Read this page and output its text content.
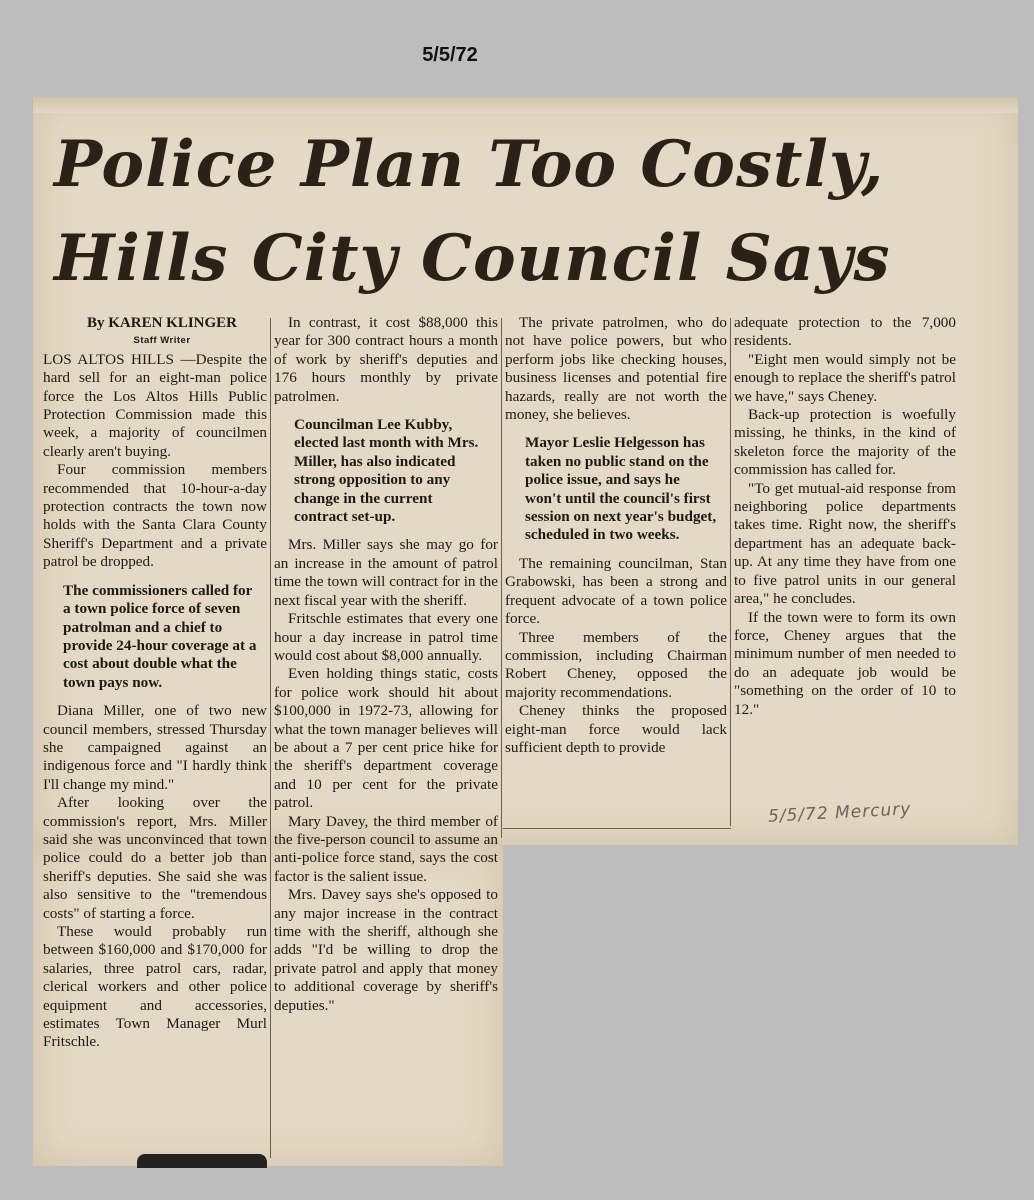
5/5/72
Police Plan Too Costly,
Hills City Council Says

By KAREN KLINGER

Staff Writer

LOS ALTOS HILLS —Despite the hard sell for an eight-man police force the Los Altos Hills Public Protection Commission made this week, a majority of councilmen clearly aren't buying.

Four commission members recommended that 10-hour-a-day protection contracts the town now holds with the Santa Clara County Sheriff's Department and a private patrol be dropped.

The commissioners called for a town police force of seven patrolman and a chief to provide 24-hour coverage at a cost about double what the town pays now.

Diana Miller, one of two new council members, stressed Thursday she campaigned against an indigenous force and "I hardly think I'll change my mind."

After looking over the commission's report, Mrs. Miller said she was unconvinced that town police could do a better job than sheriff's deputies. She said she was also sensitive to the "tremendous costs" of starting a force.

These would probably run between $160,000 and $170,000 for salaries, three patrol cars, radar, clerical workers and other police equipment and accessories, estimates Town Manager Murl Fritschle.

In contrast, it cost $88,000 this year for 300 contract hours a month of work by sheriff's deputies and 176 hours monthly by private patrolmen.

Councilman Lee Kubby, elected last month with Mrs. Miller, has also indicated strong opposition to any change in the current contract set-up.

Mrs. Miller says she may go for an increase in the amount of patrol time the town will contract for in the next fiscal year with the sheriff.

Fritschle estimates that every one hour a day increase in patrol time would cost about $8,000 annually.

Even holding things static, costs for police work should hit about $100,000 in 1972-73, allowing for what the town manager believes will be about a 7 per cent price hike for the sheriff's department coverage and 10 per cent for the private patrol.

Mary Davey, the third member of the five-person council to assume an anti-police force stand, says the cost factor is the salient issue.

Mrs. Davey says she's opposed to any major increase in the contract time with the sheriff, although she adds "I'd be willing to drop the private patrol and apply that money to additional coverage by sheriff's deputies."

The private patrolmen, who do not have police powers, but who perform jobs like checking houses, business licenses and potential fire hazards, really are not worth the money, she believes.

Mayor Leslie Helgesson has taken no public stand on the police issue, and says he won't until the council's first session on next year's budget, scheduled in two weeks.

The remaining councilman, Stan Grabowski, has been a strong and frequent advocate of a town police force.

Three members of the commission, including Chairman Robert Cheney, opposed the majority recommendations.

Cheney thinks the proposed eight-man force would lack sufficient depth to provide

adequate protection to the 7,000 residents.

"Eight men would simply not be enough to replace the sheriff's patrol we have," says Cheney.

Back-up protection is woefully missing, he thinks, in the kind of skeleton force the majority of the commission has called for.

"To get mutual-aid response from neighboring police departments takes time. Right now, the sheriff's department has an adequate back-up. At any time they have from one to five patrol units in our general area," he concludes.

If the town were to form its own force, Cheney argues that the minimum number of men needed to do an adequate job would be "something on the order of 10 to 12."

5/5/72 Mercury
